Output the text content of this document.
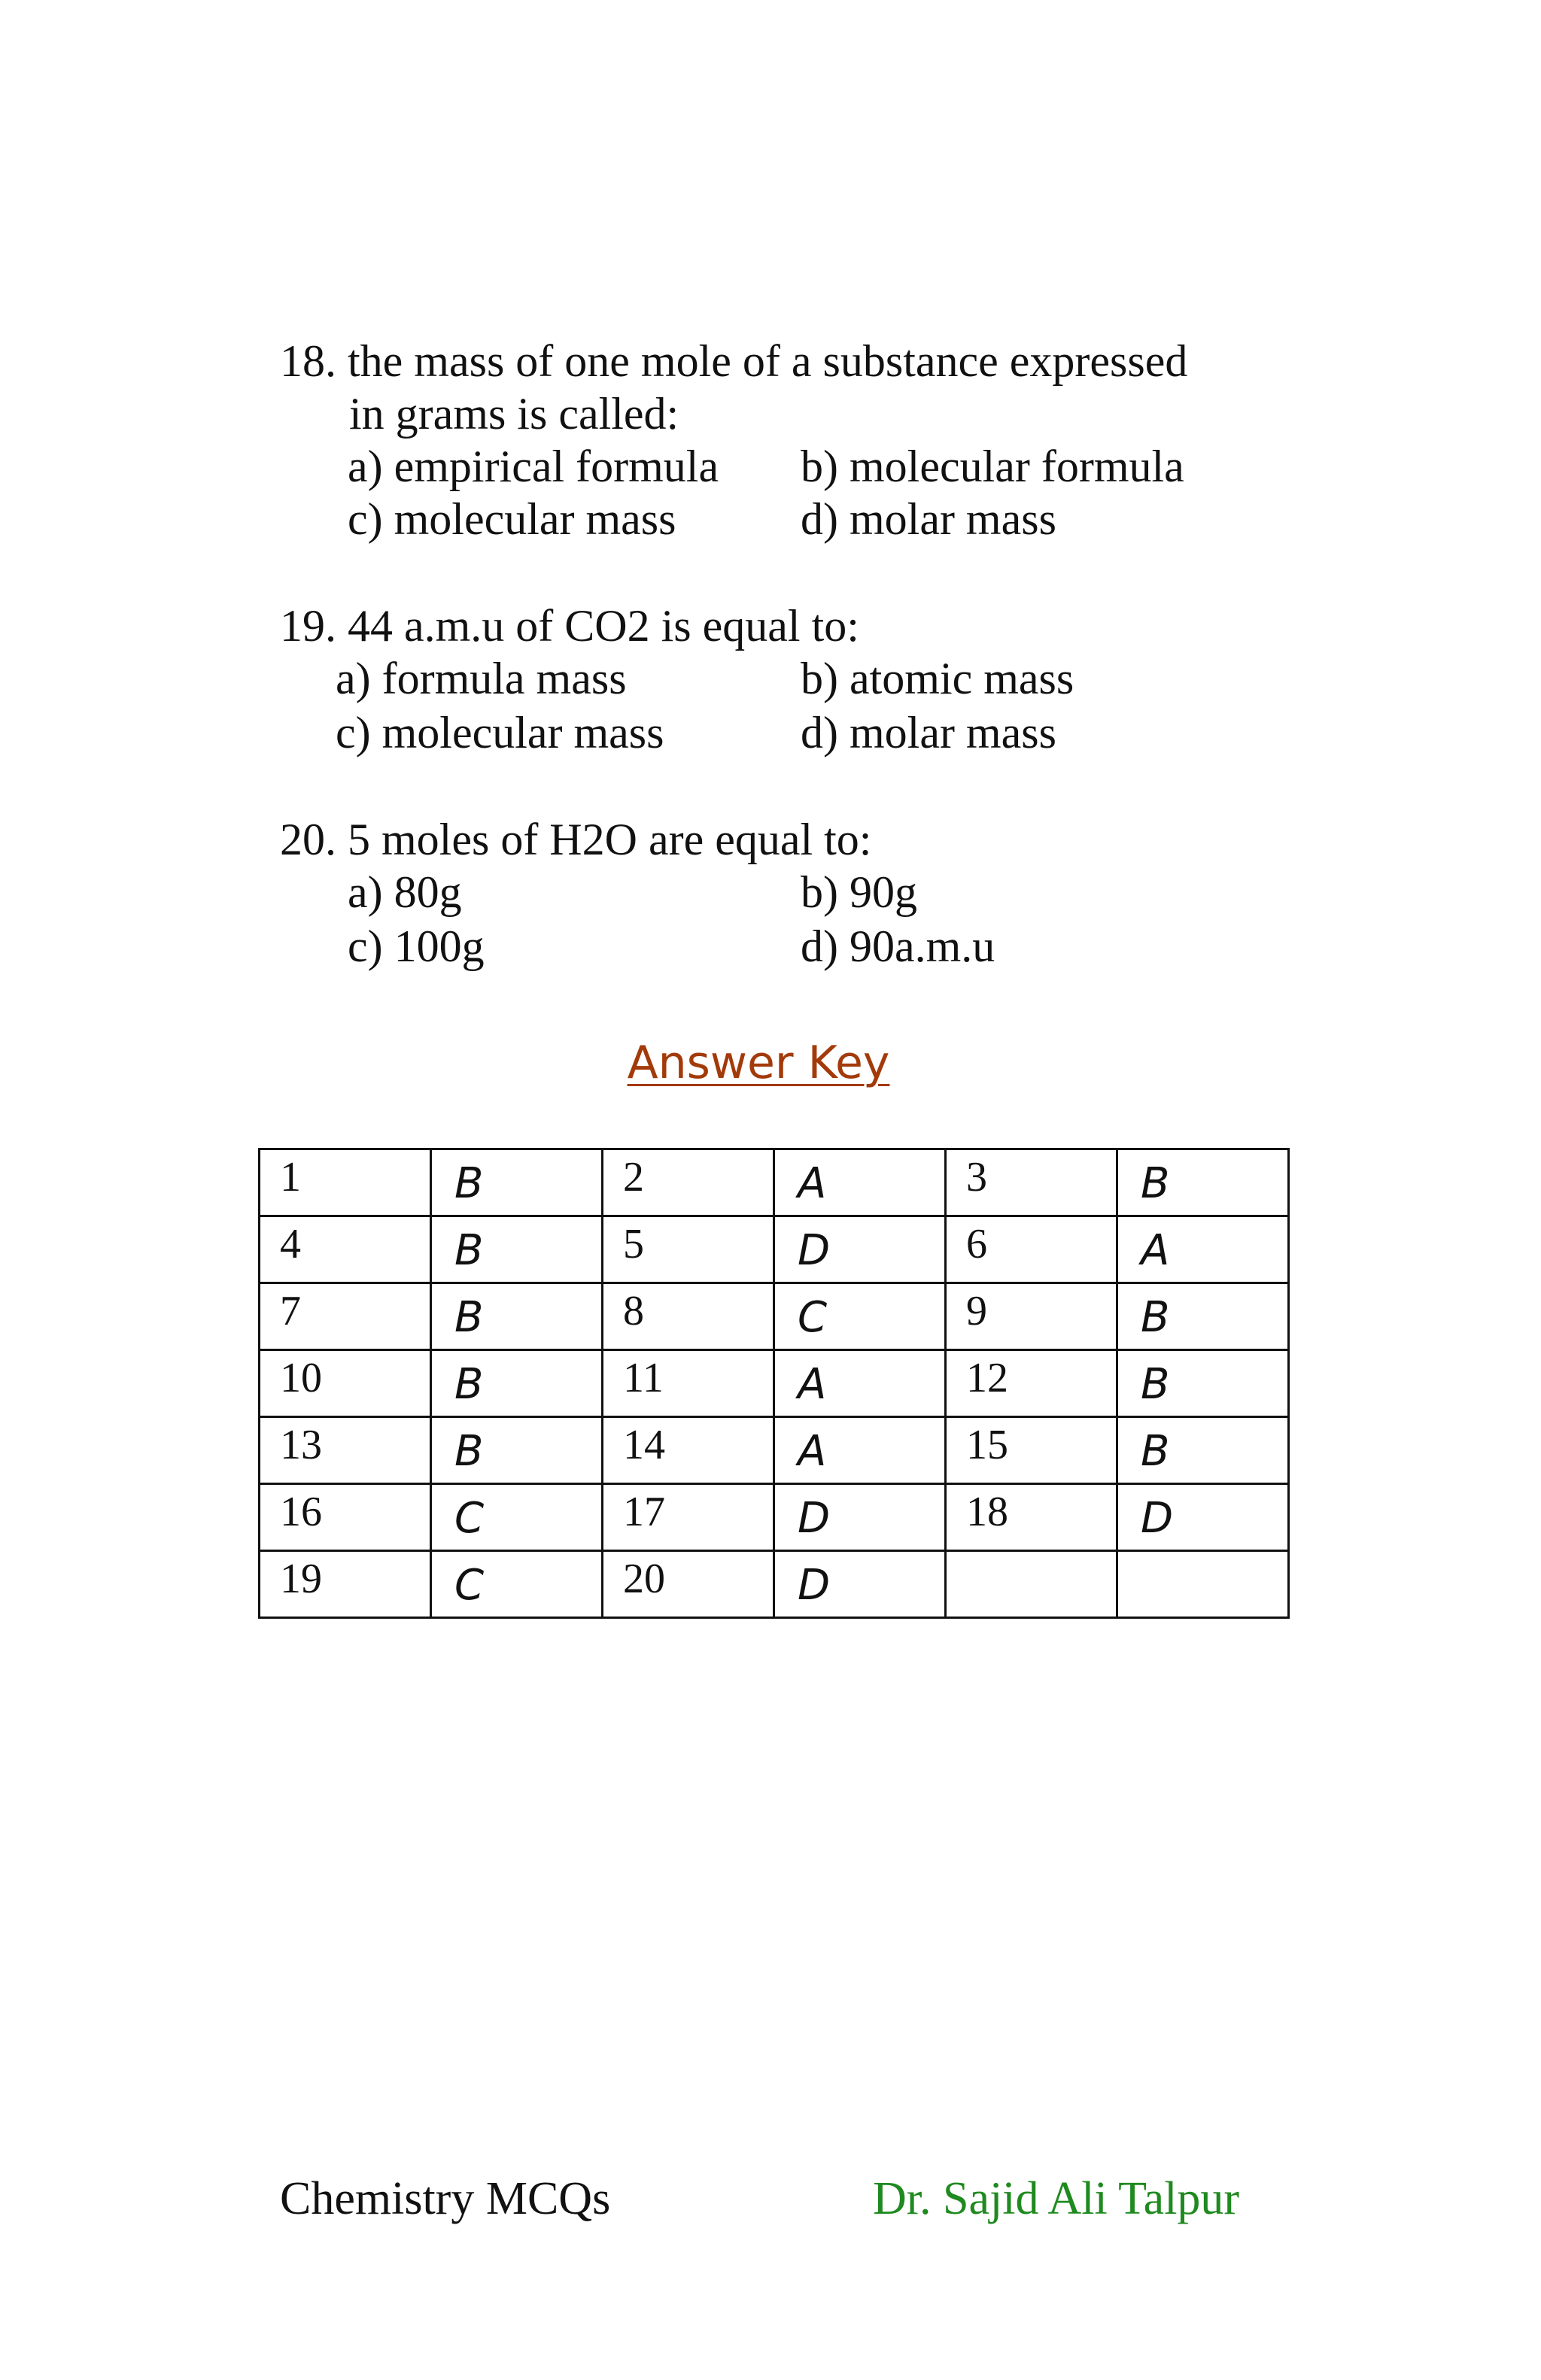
18. the mass of one mole of a substance expressed
in grams is called:
a) empirical formula b) molecular formula
c) molecular mass	d) molar mass
19. 44 a.m.u of CO2 is equal to:
a) formula mass	b) atomic mass
c) molecular mass	d) molar mass
20. 5 moles of H2O are equal to:
a) 80g	b) 90g
c) 100g	d) 90a.m.u
Answer Key
1	B	2	A	3	B

4	B	5	D	6	A

7	B	8	C	9	B

10	B	11	A	12	B

13	B	14	A	15	B

16	C	17	D	18	D

19	C	20	D		

Chemistry MCQs	Dr. Sajid Ali Talpur
